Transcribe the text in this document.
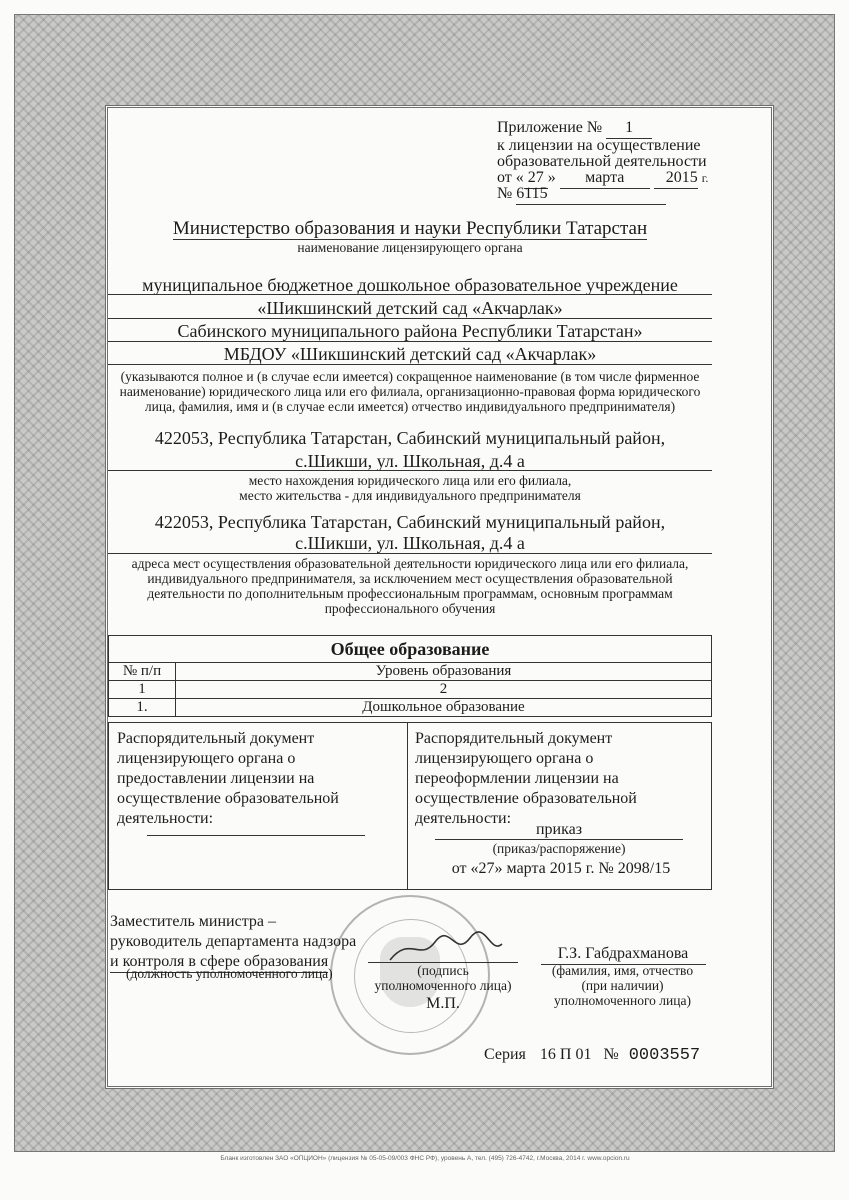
Приложение № 1
к лицензии на осуществление
образовательной деятельности
от « 27 » марта	2015 г.
№ 6115
Министерство образования и науки Республики Татарстан
наименование лицензирующего органа
муниципальное бюджетное дошкольное образовательное учреждение
«Шикшинский детский сад «Акчарлак»
Сабинского муниципального района Республики Татарстан»
МБДОУ «Шикшинский детский сад «Акчарлак»
(указываются полное и (в случае если имеется) сокращенное наименование (в том числе фирменное
наименование) юридического лица или его филиала, организационно-правовая форма юридического
лица, фамилия, имя и (в случае если имеется) отчество индивидуального предпринимателя)
422053, Республика Татарстан, Сабинский муниципальный район,
с.Шикши, ул. Школьная, д.4 а
место нахождения юридического лица или его филиала,
место жительства - для индивидуального предпринимателя
422053, Республика Татарстан, Сабинский муниципальный район,
с.Шикши, ул. Школьная, д.4 а
адреса мест осуществления образовательной деятельности юридического лица или его филиала,
индивидуального предпринимателя, за исключением мест осуществления образовательной
деятельности по дополнительным профессиональным программам, основным программам
профессионального обучения
Общее образование	
№ п/п	Уровень образования
1	2
1.	Дошкольное образование
Распорядительный документ
лицензирующего органа о
предоставлении лицензии на
осуществление образовательной
деятельности:
Распорядительный документ
лицензирующего органа о
переоформлении лицензии на
осуществление образовательной
деятельности:
приказ
(приказ/распоряжение)
от «27» марта 2015 г. № 2098/15
Заместитель министра –
руководитель департамента надзора
и контроля в сфере образования
(должность уполномоченного лица)	(подпись
уполномоченного лица)
М.П.
Г.З. Габдрахманова
(фамилия, имя, отчество
(при наличии)
уполномоченного лица)
Серия 16 П 01 № 0003557
Бланк изготовлен ЗАО «ОПЦИОН» (лицензия № 05-05-09/003 ФНС РФ), уровень А, тел. (495) 726-4742, г.Москва, 2014 г. www.opcion.ru
